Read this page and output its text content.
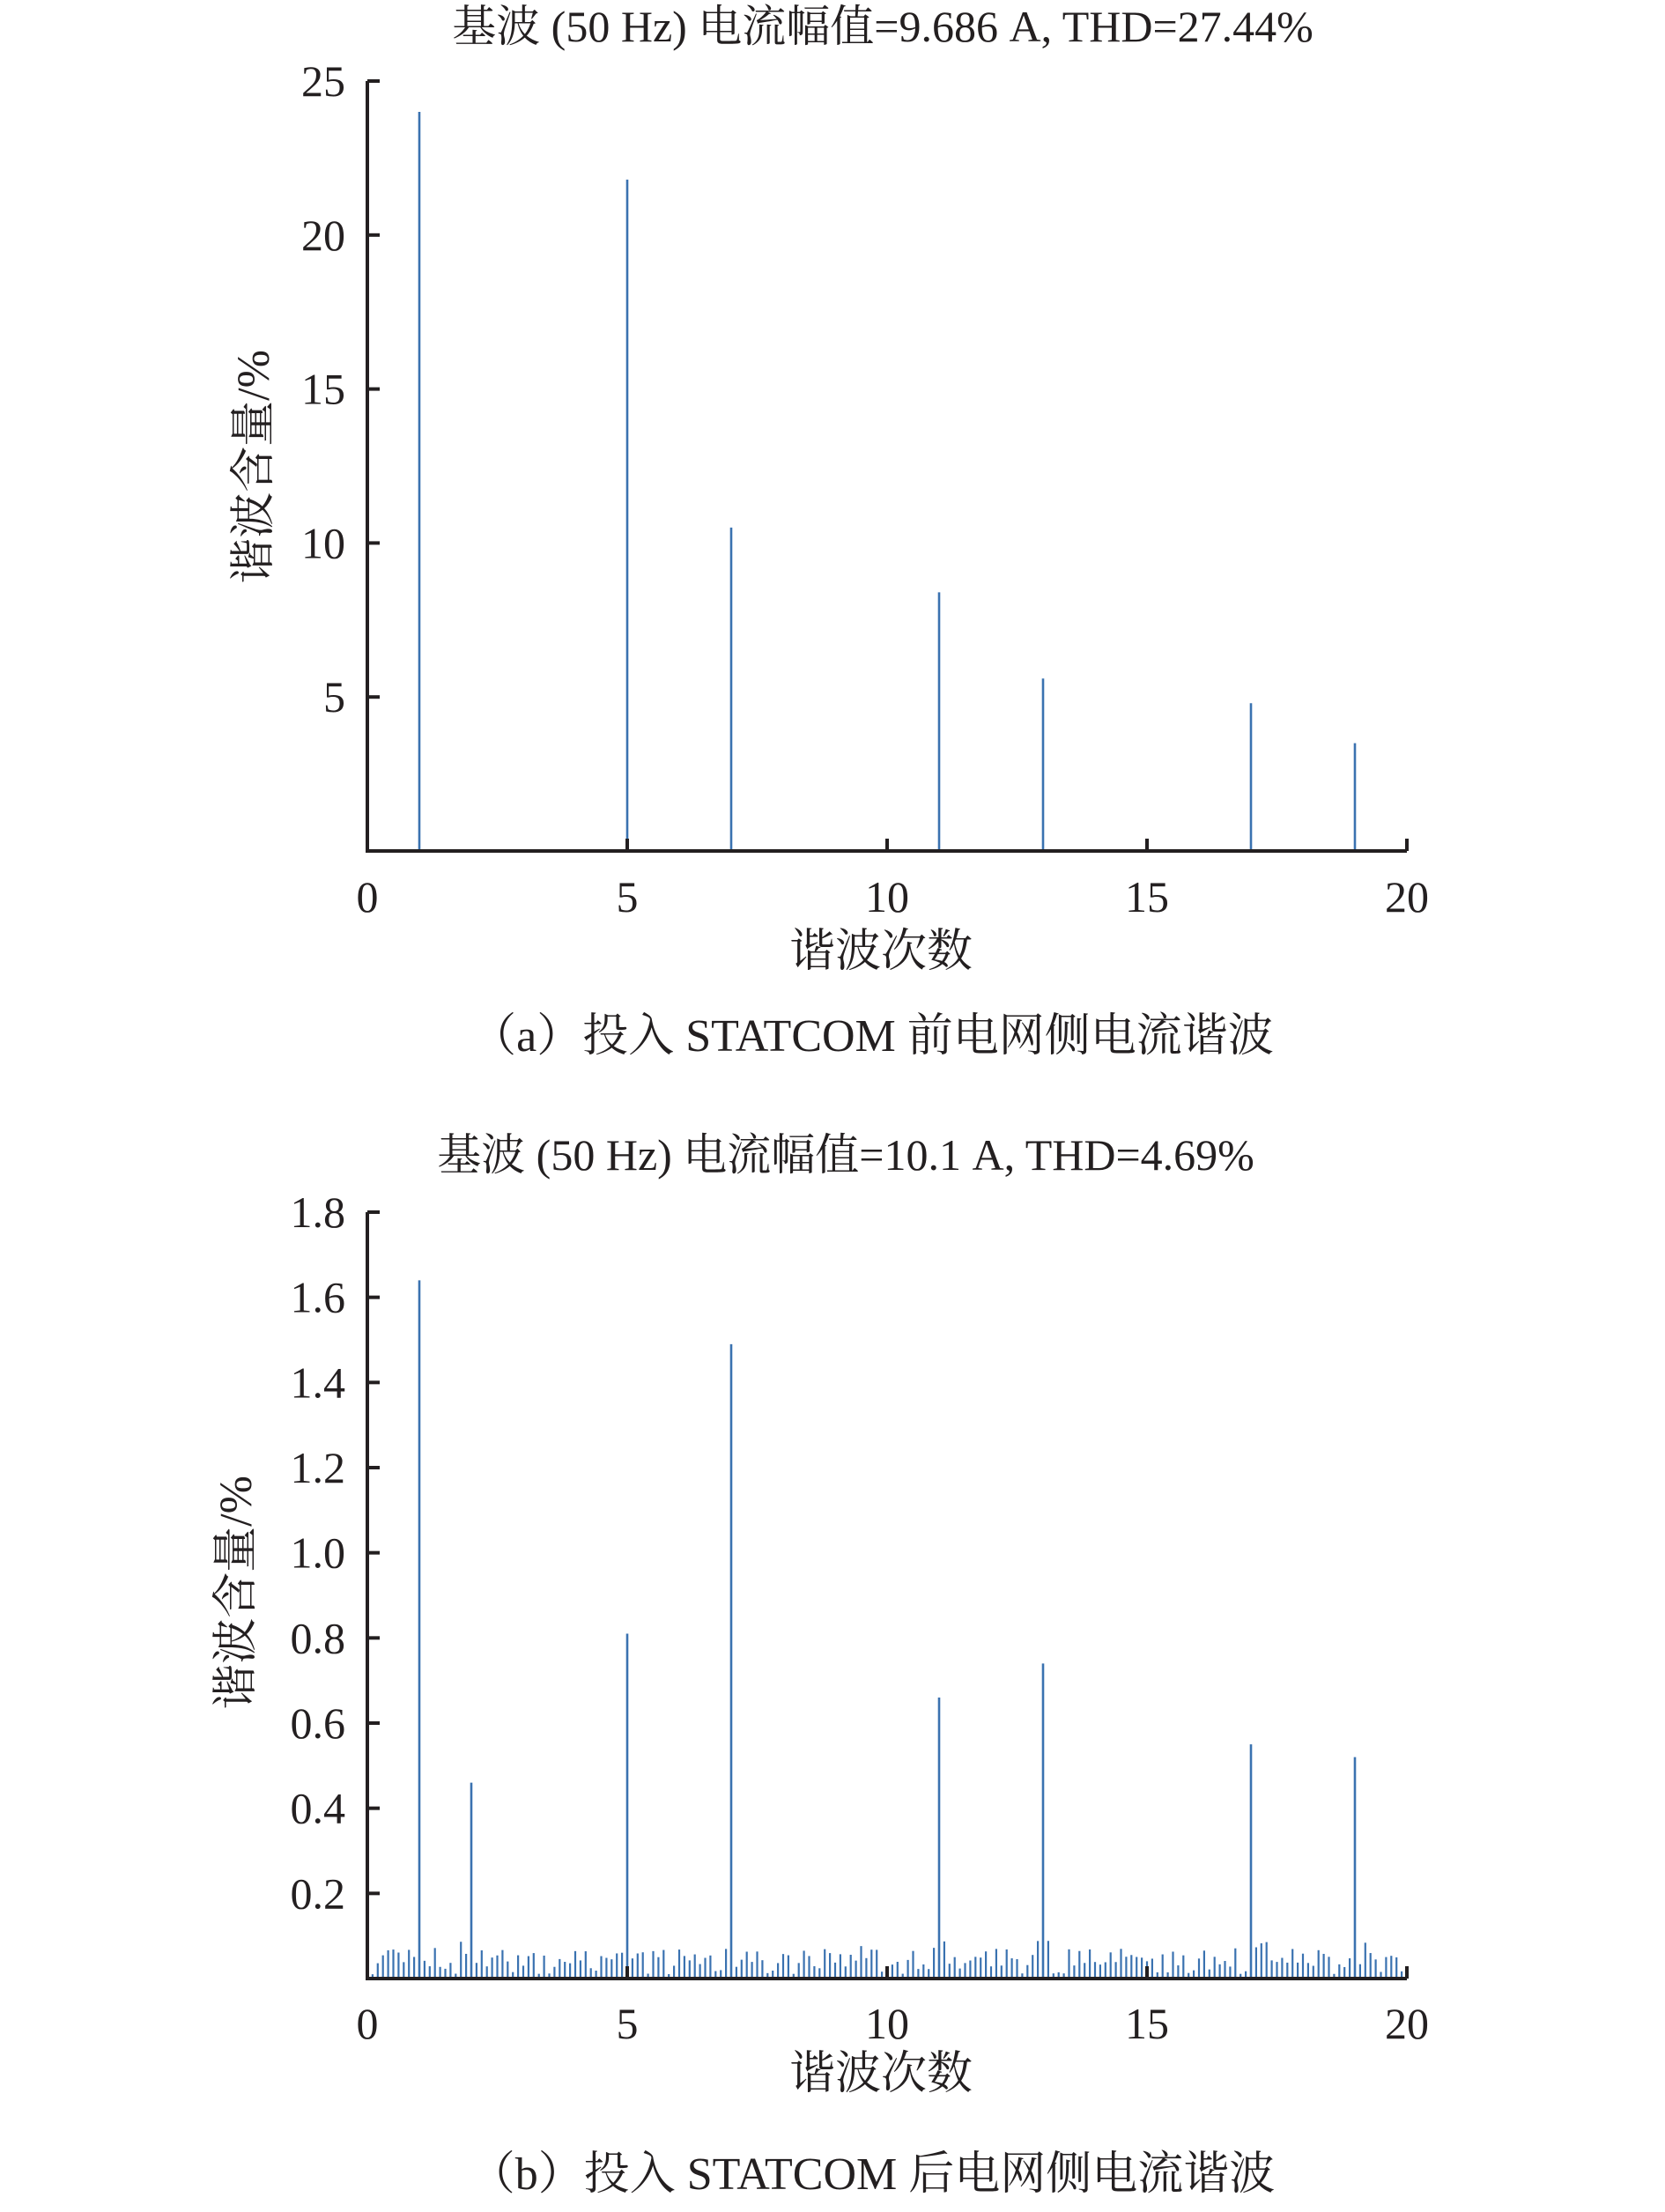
基波 (50 Hz) 电流幅值=9.686 A, THD=27.44%
谐波含量/%
谐波次数
（a）投入 STATCOM 前电网侧电流谐波
0	5	10	15	20
5
10
15
20
25
基波 (50 Hz) 电流幅值=10.1 A, THD=4.69%
谐波含量/%
谐波次数
（b）投入 STATCOM 后电网侧电流谐波
0	5	10	15	20
0.2
0.4
0.6
0.8
1.0
1.2
1.4
1.6
1.8
